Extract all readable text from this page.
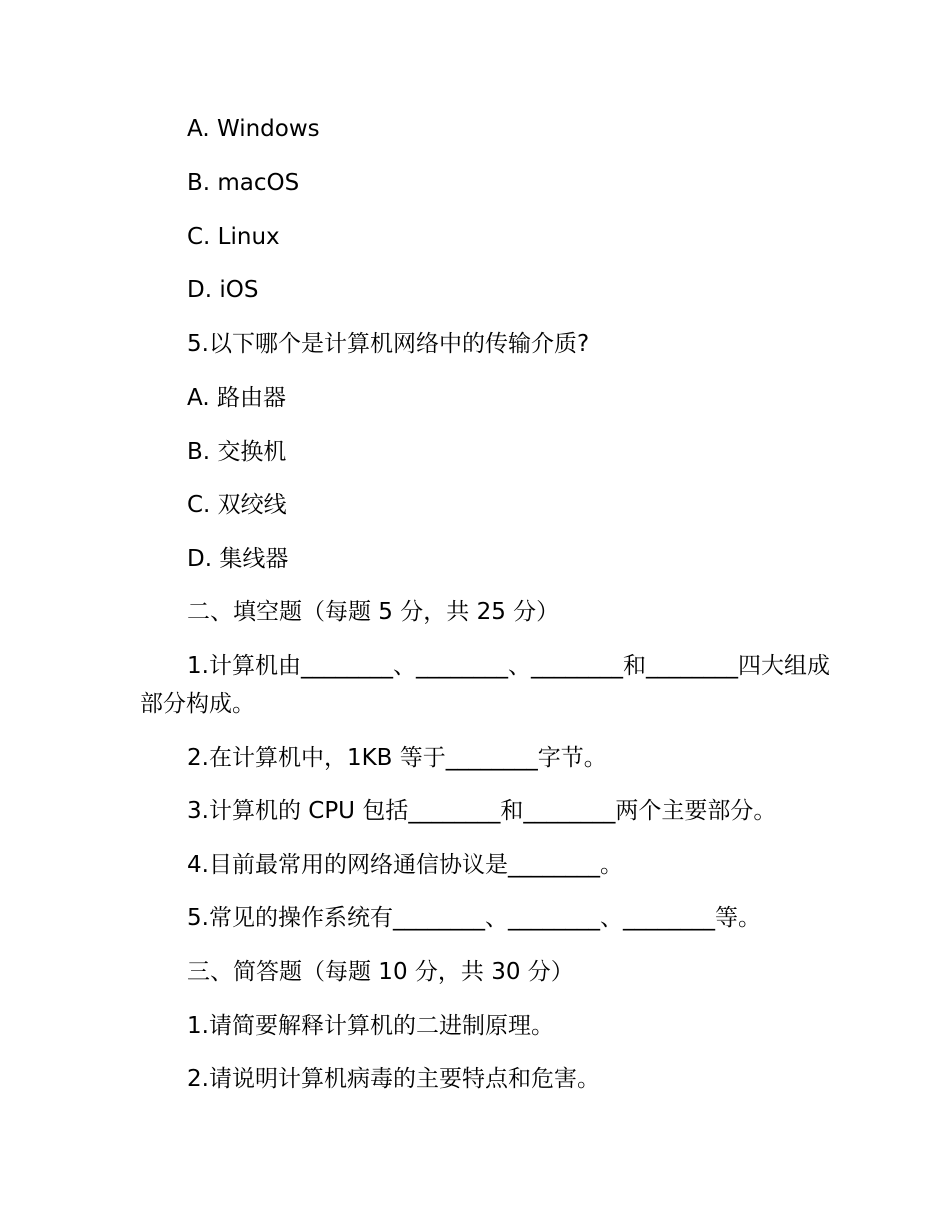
A. Windows
B. macOS
C. Linux
D. iOS
5.以下哪个是计算机网络中的传输介质?
A. 路由器
B. 交换机
C. 双绞线
D. 集线器
二、填空题（每题 5 分，共 25 分）
1.计算机由________、________、________和________四大组成部分构成。
2.在计算机中，1KB 等于________字节。
3.计算机的 CPU 包括________和________两个主要部分。
4.目前最常用的网络通信协议是________。
5.常见的操作系统有________、________、________等。
三、简答题（每题 10 分，共 30 分）
1.请简要解释计算机的二进制原理。
2.请说明计算机病毒的主要特点和危害。
